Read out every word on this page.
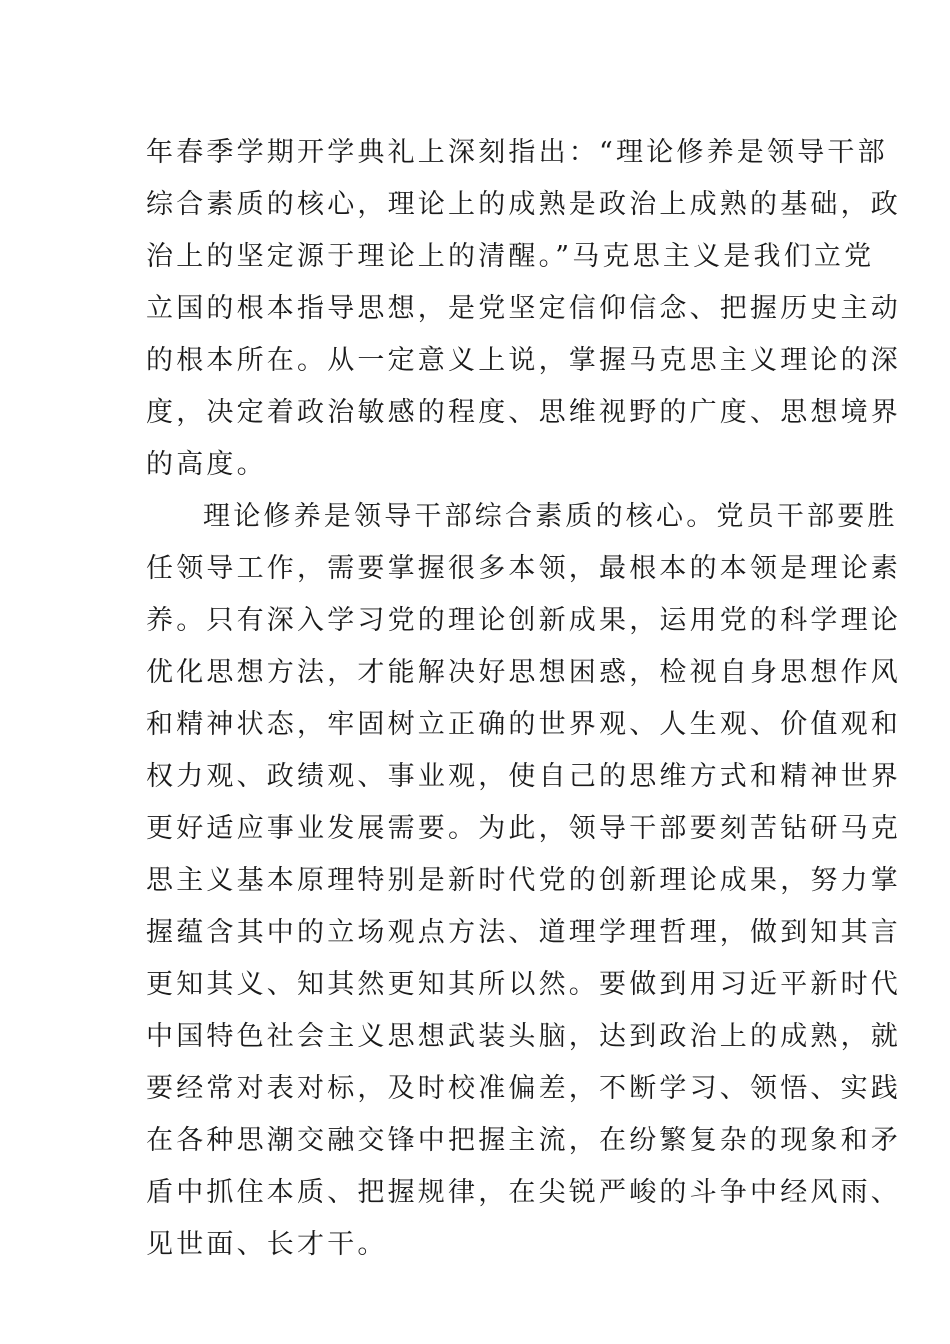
年春季学期开学典礼上深刻指出：“理论修养是领导干部
综合素质的核心，理论上的成熟是政治上成熟的基础，政
治上的坚定源于理论上的清醒。”马克思主义是我们立党
立国的根本指导思想，是党坚定信仰信念、把握历史主动
的根本所在。从一定意义上说，掌握马克思主义理论的深
度，决定着政治敏感的程度、思维视野的广度、思想境界
的高度。
理论修养是领导干部综合素质的核心。党员干部要胜
任领导工作，需要掌握很多本领，最根本的本领是理论素
养。只有深入学习党的理论创新成果，运用党的科学理论
优化思想方法，才能解决好思想困惑，检视自身思想作风
和精神状态，牢固树立正确的世界观、人生观、价值观和
权力观、政绩观、事业观，使自己的思维方式和精神世界
更好适应事业发展需要。为此，领导干部要刻苦钻研马克
思主义基本原理特别是新时代党的创新理论成果，努力掌
握蕴含其中的立场观点方法、道理学理哲理，做到知其言
更知其义、知其然更知其所以然。要做到用习近平新时代
中国特色社会主义思想武装头脑，达到政治上的成熟，就
要经常对表对标，及时校准偏差，不断学习、领悟、实践
在各种思潮交融交锋中把握主流，在纷繁复杂的现象和矛
盾中抓住本质、把握规律，在尖锐严峻的斗争中经风雨、
见世面、长才干。
